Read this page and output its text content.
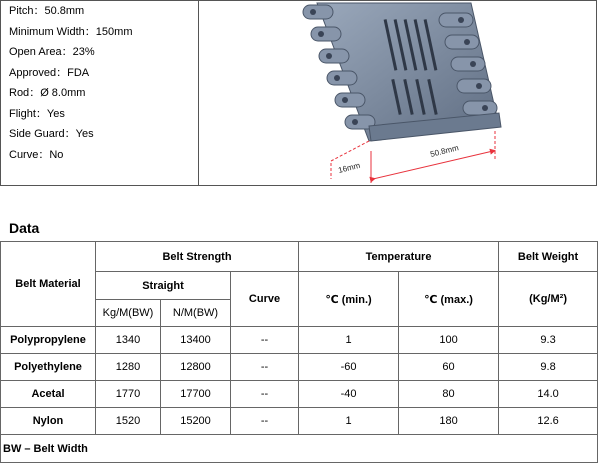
Pitch：50.8mm
Minimum Width：150mm
Open Area：23%
Approved：FDA
Rod：Ø 8.0mm
Flight：Yes
Side Guard：Yes
Curve：No
16mm
50.8mm
Data
Belt Material	Belt Strength			Temperature		Belt Weight
	Straight		Curve	℃ (min.)	℃ (max.)	(Kg/M²)
	Kg/M(BW)	N/M(BW)				
Polypropylene	1340	13400	--	1	100	9.3
Polyethylene	1280	12800	--	-60	60	9.8
Acetal	1770	17700	--	-40	80	14.0
Nylon	1520	15200	--	1	180	12.6
BW – Belt Width						
